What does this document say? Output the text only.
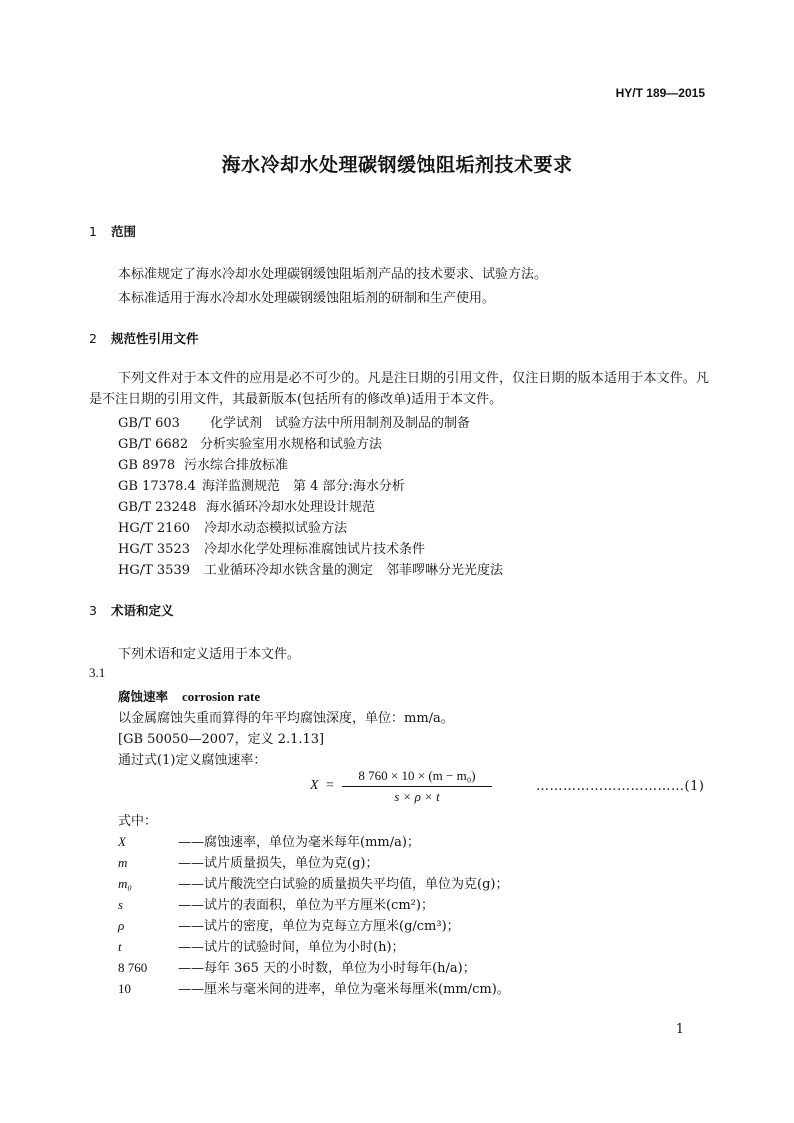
HY/T 189—2015
海水冷却水处理碳钢缓蚀阻垢剂技术要求
1 范围
本标准规定了海水冷却水处理碳钢缓蚀阻垢剂产品的技术要求、试验方法。
本标准适用于海水冷却水处理碳钢缓蚀阻垢剂的研制和生产使用。
2 规范性引用文件
下列文件对于本文件的应用是必不可少的。凡是注日期的引用文件，仅注日期的版本适用于本文件。凡是不注日期的引用文件，其最新版本(包括所有的修改单)适用于本文件。
GB/T 603 化学试剂　试验方法中所用制剂及制品的制备
GB/T 6682 分析实验室用水规格和试验方法
GB 8978 污水综合排放标准
GB 17378.4 海洋监测规范　第 4 部分:海水分析
GB/T 23248 海水循环冷却水处理设计规范
HG/T 2160 冷却水动态模拟试验方法
HG/T 3523 冷却水化学处理标准腐蚀试片技术条件
HG/T 3539 工业循环冷却水铁含量的测定　邻菲啰啉分光光度法
3 术语和定义
下列术语和定义适用于本文件。
3.1
腐蚀速率 corrosion rate
以金属腐蚀失重而算得的年平均腐蚀深度，单位：mm/a。
[GB 50050—2007，定义 2.1.13]
通过式(1)定义腐蚀速率：
X =
8 760 × 10 × (m − m₀)
s × ρ × t
……………………………(1)
式中：
X	——腐蚀速率，单位为毫米每年(mm/a)；
m	——试片质量损失，单位为克(g)；
m₀	——试片酸洗空白试验的质量损失平均值，单位为克(g)；
s	——试片的表面积，单位为平方厘米(cm²)；
ρ	——试片的密度，单位为克每立方厘米(g/cm³)；
t	——试片的试验时间，单位为小时(h)；
8 760 ——每年 365 天的小时数，单位为小时每年(h/a)；
10	——厘米与毫米间的进率，单位为毫米每厘米(mm/cm)。
1
